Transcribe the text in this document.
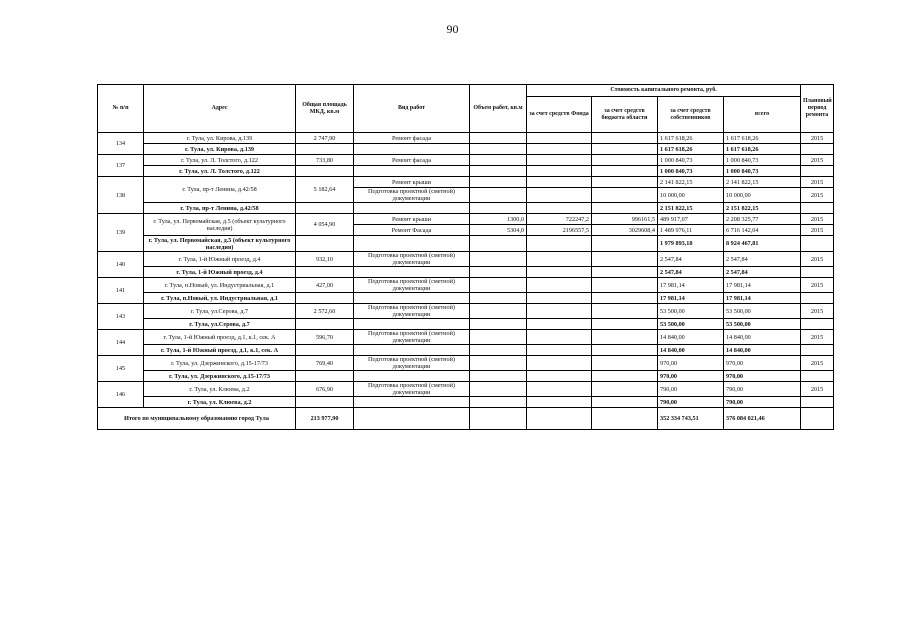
90
№ п/п	Адрес	Общая площадь МКД, кв.м	Вид работ	Объем работ, кв.м	Стоимость капитального ремонта, руб.				Плановый период ремонта
					за счет средств Фонда	за счет средств бюджета области	за счет средств собственников	всего	
134	г. Тула, ул. Кирова, д.139	2 747,90	Ремонт фасада				1 617 618,26	1 617 618,26	2015
	г. Тула, ул. Кирова, д.139						1 617 618,26	1 617 618,26	
137	г. Тула, ул. Л. Толстого, д.122	733,80	Ремонт фасада				1 000 840,73	1 000 840,73	2015
	г. Тула, ул. Л. Толстого, д.122						1 000 840,73	1 000 840,73	
138	г. Тула, пр-т Ленина, д.42/58	5 182,64	Ремонт крыши				2 141 822,15	2 141 822,15	2015
			Подготовка проектной (сметной) документации				10 000,00	10 000,00	2015
	г. Тула, пр-т Ленина, д.42/58						2 151 822,15	2 151 822,15	
139	г. Тула, ул. Первомайская, д.5 (объект культурного наследия)	4 054,90	Ремонт крыши	1300,0	722247,2	996161,5	489 917,07	2 208 325,77	2015
			Ремонт Фасада	5304,0	2196557,5	3029608,4	1 489 976,11	6 716 142,04	2015
	г. Тула, ул. Первомайская, д.5 (объект культурного наследия)						1 979 893,18	8 924 467,81	
140	г. Тула, 1-й Южный проезд, д.4	932,10	Подготовка проектной (сметной) документации				2 547,84	2 547,84	2015
	г. Тула, 1-й Южный проезд, д.4						2 547,84	2 547,84	
141	г. Тула, п.Новый, ул. Индустриальная, д.1	427,00	Подготовка проектной (сметной) документации				17 981,14	17 981,14	2015
	г. Тула, п.Новый, ул. Индустриальная, д.1						17 981,14	17 981,14	
143	г. Тула, ул.Серова, д.7	2 572,60	Подготовка проектной (сметной) документации				53 500,00	53 500,00	2015
	г. Тула, ул.Серова, д.7						53 500,00	53 500,00	
144	г. Тула, 1-й Южный проезд, д.1, к.1, сек. А	596,70	Подготовка проектной (сметной) документации				14 840,00	14 840,00	2015
	г. Тула, 1-й Южный проезд, д.1, к.1, сек. А						14 840,00	14 840,00	
145	г. Тула, ул. Дзержинского, д.15-17/73	769,40	Подготовка проектной (сметной) документации				970,00	970,00	2015
	г. Тула, ул. Дзержинского, д.15-17/73						970,00	970,00	
146	г. Тула, ул. Клюева, д.2	676,90	Подготовка проектной (сметной) документации				790,00	790,00	2015
	г. Тула, ул. Клюева, д.2						790,00	790,00	
Итого по муниципальному образованию город Тула		213 977,90					352 334 743,51	376 084 021,46	
